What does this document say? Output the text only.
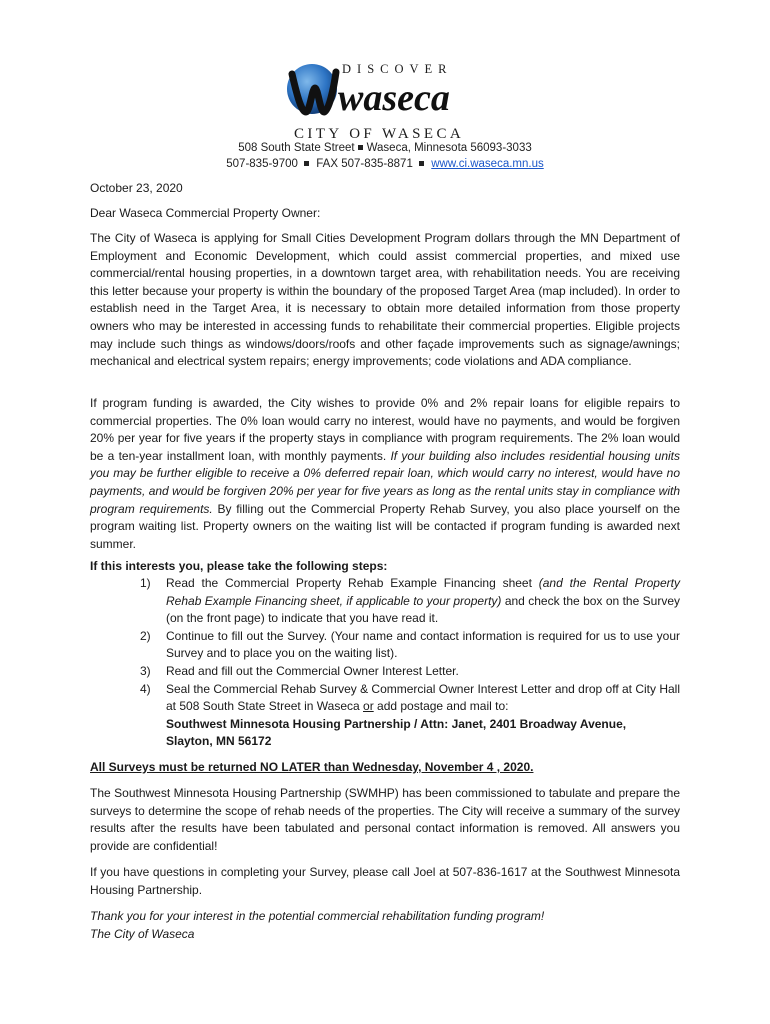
DISCOVER
waseca
CITY OF WASECA
508 South State Street Waseca, Minnesota 56093-3033
507-835-9700 FAX 507-835-8871 www.ci.waseca.mn.us
October 23, 2020
Dear Waseca Commercial Property Owner:

The City of Waseca is applying for Small Cities Development Program dollars through the MN Department of Employment and Economic Development, which could assist commercial properties, and mixed use commercial/rental housing properties, in a downtown target area, with rehabilitation needs. You are receiving this letter because your property is within the boundary of the proposed Target Area (map included). In order to establish need in the Target Area, it is necessary to obtain more detailed information from those property owners who may be interested in accessing funds to rehabilitate their commercial properties. Eligible projects may include such things as windows/doors/roofs and other façade improvements such as signage/awnings; mechanical and electrical system repairs; energy improvements; code violations and ADA compliance.

If program funding is awarded, the City wishes to provide 0% and 2% repair loans for eligible repairs to commercial properties. The 0% loan would carry no interest, would have no payments, and would be forgiven 20% per year for five years if the property stays in compliance with program requirements. The 2% loan would be a ten-year installment loan, with monthly payments. If your building also includes residential housing units you may be further eligible to receive a 0% deferred repair loan, which would carry no interest, would have no payments, and would be forgiven 20% per year for five years as long as the rental units stay in compliance with program requirements. By filling out the Commercial Property Rehab Survey, you also place yourself on the program waiting list. Property owners on the waiting list will be contacted if program funding is awarded next summer.

If this interests you, please take the following steps:
1) Read the Commercial Property Rehab Example Financing sheet (and the Rental Property Rehab Example Financing sheet, if applicable to your property) and check the box on the Survey (on the front page) to indicate that you have read it.
2) Continue to fill out the Survey. (Your name and contact information is required for us to use your Survey and to place you on the waiting list).
3) Read and fill out the Commercial Owner Interest Letter.
4) Seal the Commercial Rehab Survey & Commercial Owner Interest Letter and drop off at City Hall at 508 South State Street in Waseca or add postage and mail to:
Southwest Minnesota Housing Partnership / Attn: Janet, 2401 Broadway Avenue,
Slayton, MN 56172
All Surveys must be returned NO LATER than Wednesday, November 4 , 2020.

The Southwest Minnesota Housing Partnership (SWMHP) has been commissioned to tabulate and prepare the surveys to determine the scope of rehab needs of the properties. The City will receive a summary of the survey results after the results have been tabulated and personal contact information is removed. All answers you provide are confidential!

If you have questions in completing your Survey, please call Joel at 507-836-1617 at the Southwest Minnesota Housing Partnership.

Thank you for your interest in the potential commercial rehabilitation funding program!
The City of Waseca
